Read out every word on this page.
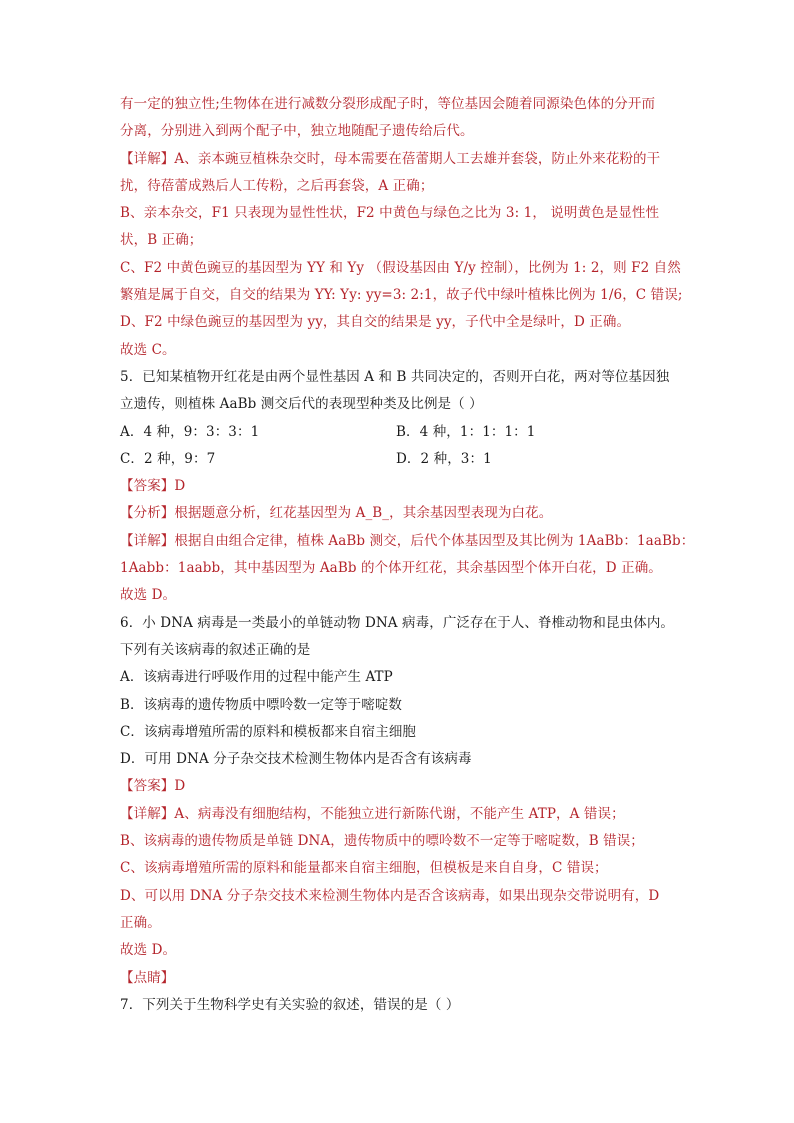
有一定的独立性;生物体在进行减数分裂形成配子时，等位基因会随着同源染色体的分开而
分离，分别进入到两个配子中，独立地随配子遗传给后代。
【详解】A、亲本豌豆植株杂交时，母本需要在蓓蕾期人工去雄并套袋，防止外来花粉的干
扰，待蓓蕾成熟后人工传粉，之后再套袋，A 正确；
B、亲本杂交，F1 只表现为显性性状，F2 中黄色与绿色之比为 3: 1， 说明黄色是显性性
状，B 正确；
C、F2 中黄色豌豆的基因型为 YY 和 Yy （假设基因由 Y/y 控制），比例为 1: 2，则 F2 自然
繁殖是属于自交，自交的结果为 YY: Yy: yy=3: 2:1，故子代中绿叶植株比例为 1/6，C 错误;
D、F2 中绿色豌豆的基因型为 yy，其自交的结果是 yy，子代中全是绿叶，D 正确。
故选 C。
5．已知某植物开红花是由两个显性基因 A 和 B 共同决定的，否则开白花，两对等位基因独
立遗传，则植株 AaBb 测交后代的表现型种类及比例是（ ）
A．4 种，9：3：3：1	B．4 种，1：1：1：1
C．2 种，9：7	D．2 种，3：1
【答案】D
【分析】根据题意分析，红花基因型为 A_B_，其余基因型表现为白花。
【详解】根据自由组合定律，植株 AaBb 测交，后代个体基因型及其比例为 1AaBb：1aaBb：
1Aabb：1aabb，其中基因型为 AaBb 的个体开红花，其余基因型个体开白花，D 正确。
故选 D。
6．小 DNA 病毒是一类最小的单链动物 DNA 病毒，广泛存在于人、脊椎动物和昆虫体内。
下列有关该病毒的叙述正确的是
A．该病毒进行呼吸作用的过程中能产生 ATP
B．该病毒的遗传物质中嘌呤数一定等于嘧啶数
C．该病毒增殖所需的原料和模板都来自宿主细胞
D．可用 DNA 分子杂交技术检测生物体内是否含有该病毒
【答案】D
【详解】A、病毒没有细胞结构，不能独立进行新陈代谢，不能产生 ATP，A 错误；
B、该病毒的遗传物质是单链 DNA，遗传物质中的嘌呤数不一定等于嘧啶数，B 错误；
C、该病毒增殖所需的原料和能量都来自宿主细胞，但模板是来自自身，C 错误；
D、可以用 DNA 分子杂交技术来检测生物体内是否含该病毒，如果出现杂交带说明有，D
正确。
故选 D。
【点睛】
7．下列关于生物科学史有关实验的叙述，错误的是（ ）
